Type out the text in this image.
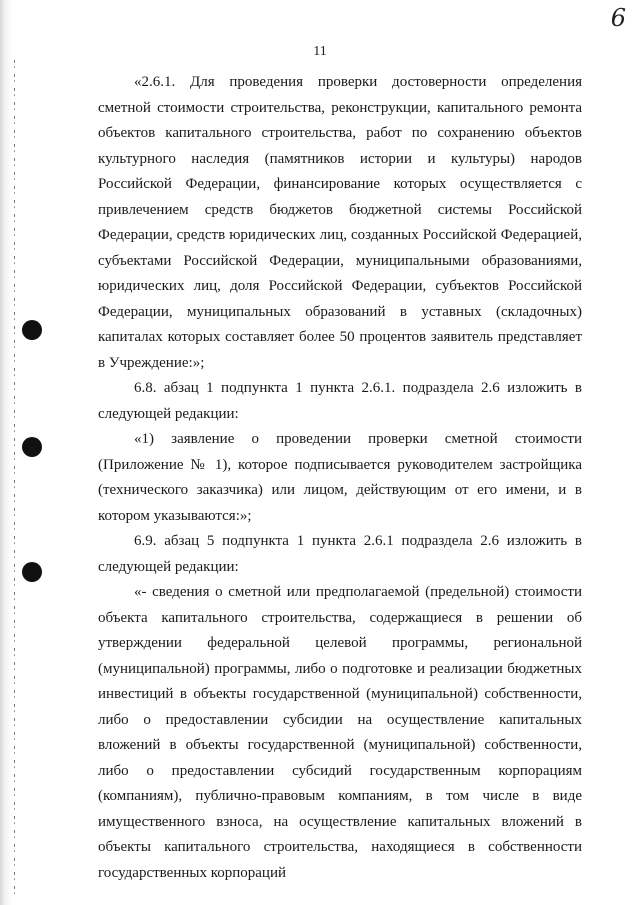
6
11

«2.6.1. Для проведения проверки достоверности определения сметной стоимости строительства, реконструкции, капитального ремонта объектов капитального строительства, работ по сохранению объектов культурного наследия (памятников истории и культуры) народов Российской Федерации, финансирование которых осуществляется с привлечением средств бюджетов бюджетной системы Российской Федерации, средств юридических лиц, созданных Российской Федерацией, субъектами Российской Федерации, муниципальными образованиями, юридических лиц, доля Российской Федерации, субъектов Российской Федерации, муниципальных образований в уставных (складочных) капиталах которых составляет более 50 процентов заявитель представляет в Учреждение:»;

6.8. абзац 1 подпункта 1 пункта 2.6.1. подраздела 2.6 изложить в следующей редакции:

«1) заявление о проведении проверки сметной стоимости (Приложение № 1), которое подписывается руководителем застройщика (технического заказчика) или лицом, действующим от его имени, и в котором указываются:»;

6.9. абзац 5 подпункта 1 пункта 2.6.1 подраздела 2.6 изложить в следующей редакции:

«- сведения о сметной или предполагаемой (предельной) стоимости объекта капитального строительства, содержащиеся в решении об утверждении федеральной целевой программы, региональной (муниципальной) программы, либо о подготовке и реализации бюджетных инвестиций в объекты государственной (муниципальной) собственности, либо о предоставлении субсидии на осуществление капитальных вложений в объекты государственной (муниципальной) собственности, либо о предоставлении субсидий государственным корпорациям (компаниям), публично-правовым компаниям, в том числе в виде имущественного взноса, на осуществление капитальных вложений в объекты капитального строительства, находящиеся в собственности государственных корпораций
